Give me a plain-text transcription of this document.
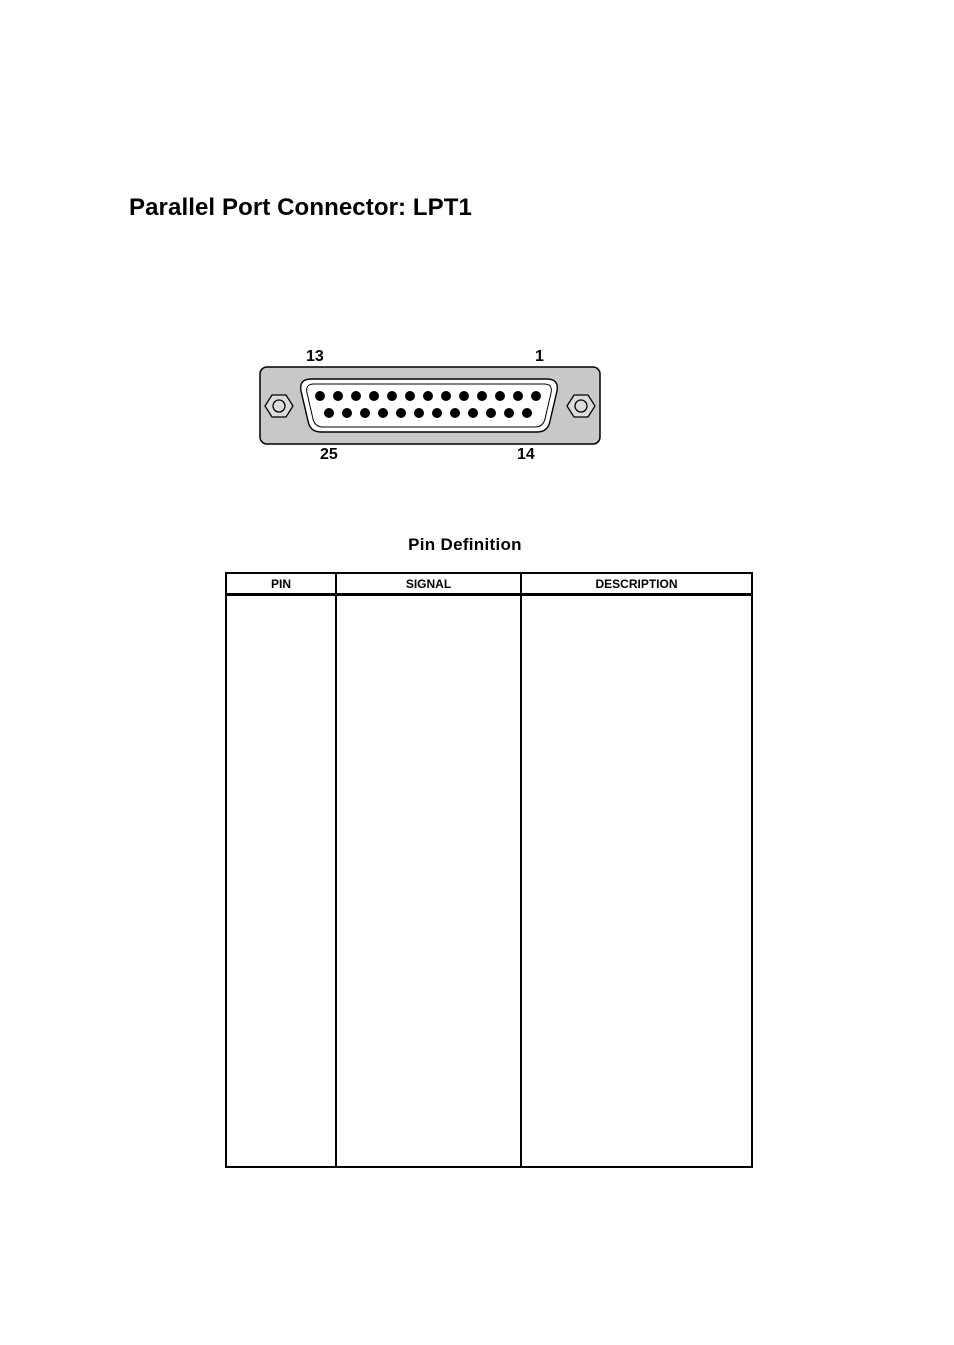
Parallel Port Connector: LPT1
13	1
25	14
Pin Definition
PIN	SIGNAL	DESCRIPTION
